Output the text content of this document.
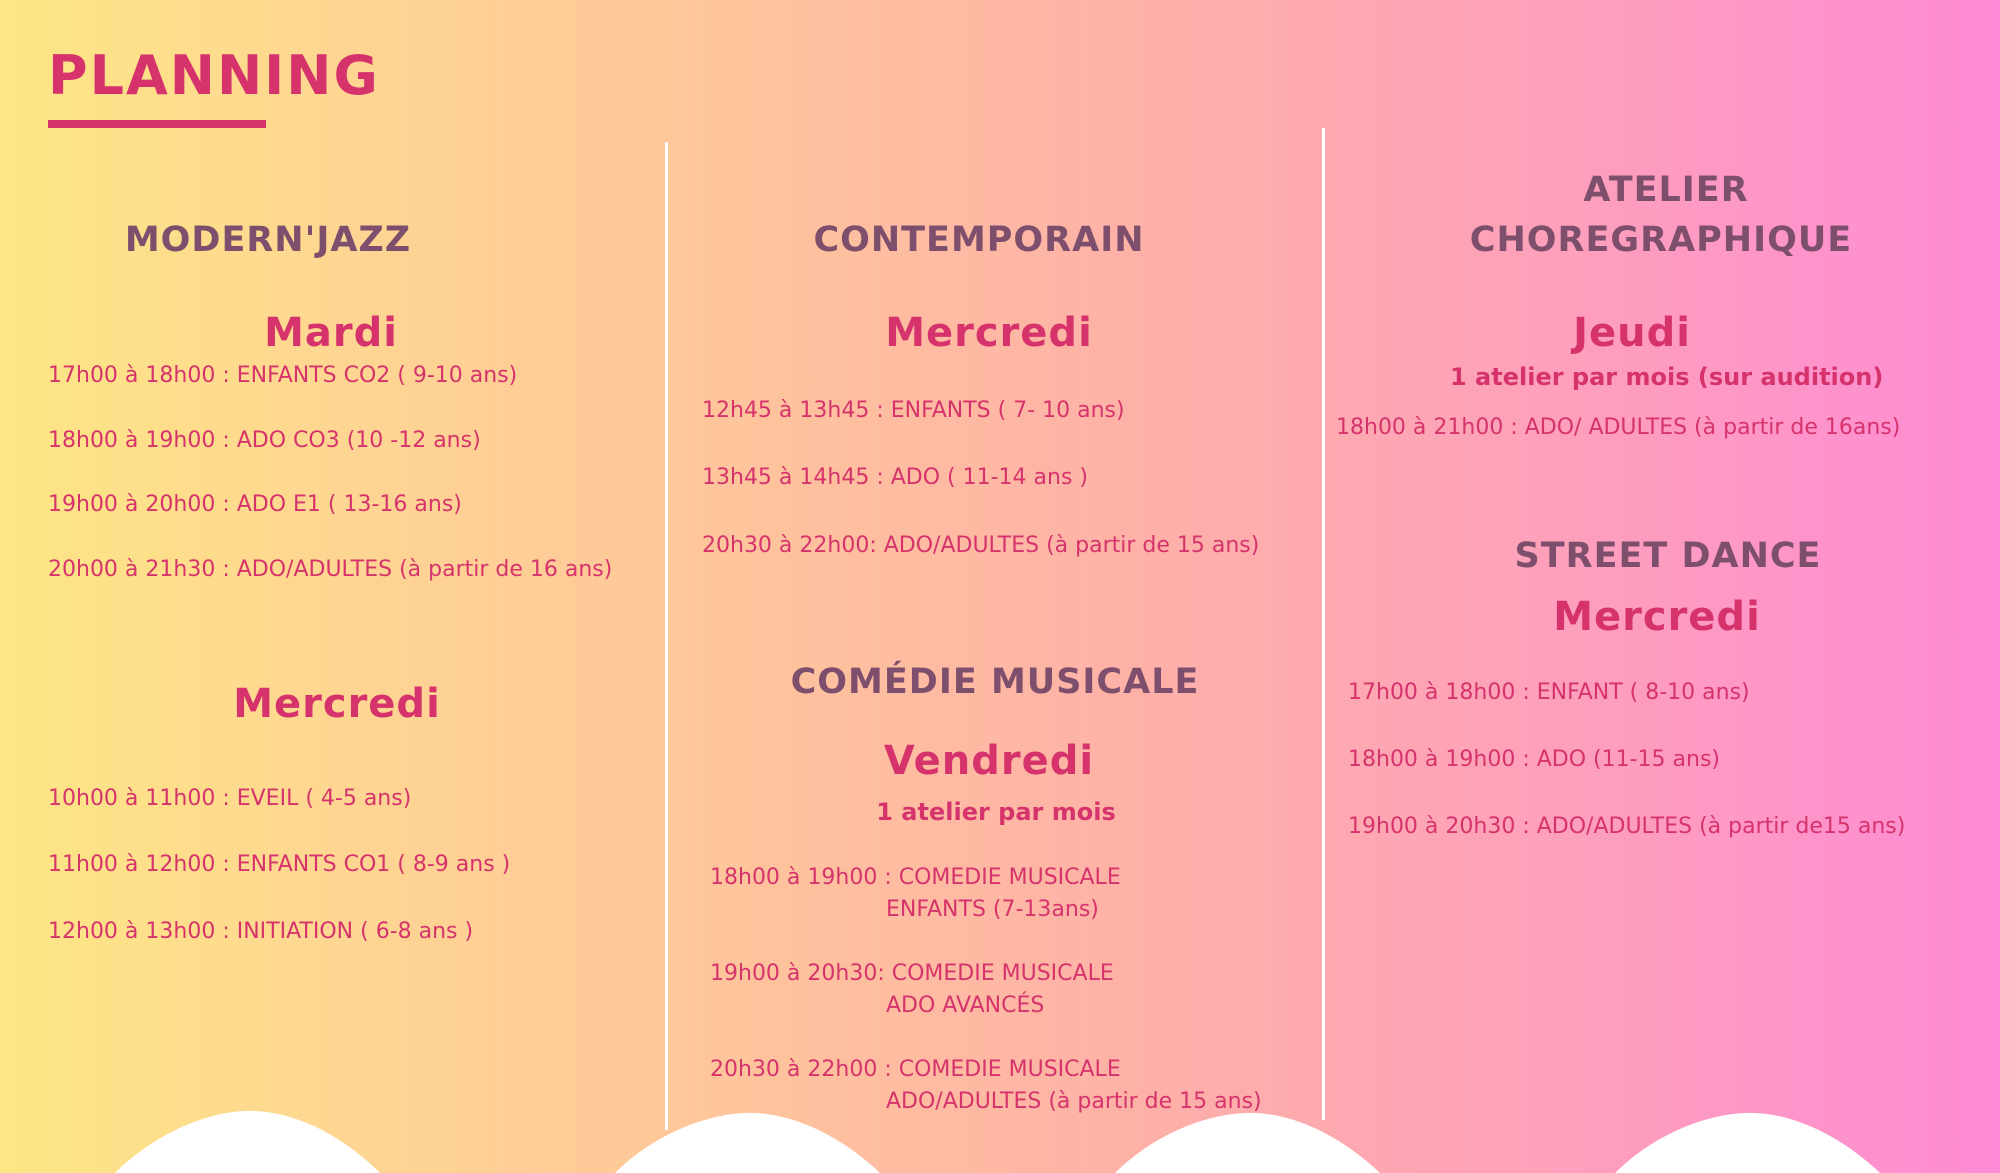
PLANNING
MODERN'JAZZ
Mardi
17h00 à 18h00 : ENFANTS CO2 ( 9-10 ans)
18h00 à 19h00 : ADO CO3 (10 -12 ans)
19h00 à 20h00 : ADO E1 ( 13-16 ans)
20h00 à 21h30 : ADO/ADULTES (à partir de 16 ans)
Mercredi
10h00 à 11h00 : EVEIL ( 4-5 ans)
11h00 à 12h00 : ENFANTS CO1 ( 8-9 ans )
12h00 à 13h00 : INITIATION ( 6-8 ans )
CONTEMPORAIN
Mercredi
12h45 à 13h45 : ENFANTS ( 7- 10 ans)
13h45 à 14h45 : ADO ( 11-14 ans )
20h30 à 22h00: ADO/ADULTES (à partir de 15 ans)
COMÉDIE MUSICALE
Vendredi
1 atelier par mois
18h00 à 19h00 : COMEDIE MUSICALE
ENFANTS (7-13ans)
19h00 à 20h30: COMEDIE MUSICALE
ADO AVANCÉS
20h30 à 22h00 : COMEDIE MUSICALE
ADO/ADULTES (à partir de 15 ans)
ATELIER
CHOREGRAPHIQUE
Jeudi
1 atelier par mois (sur audition)
18h00 à 21h00 : ADO/ ADULTES (à partir de 16ans)
STREET DANCE
Mercredi
17h00 à 18h00 : ENFANT ( 8-10 ans)
18h00 à 19h00 : ADO (11-15 ans)
19h00 à 20h30 : ADO/ADULTES (à partir de15 ans)
